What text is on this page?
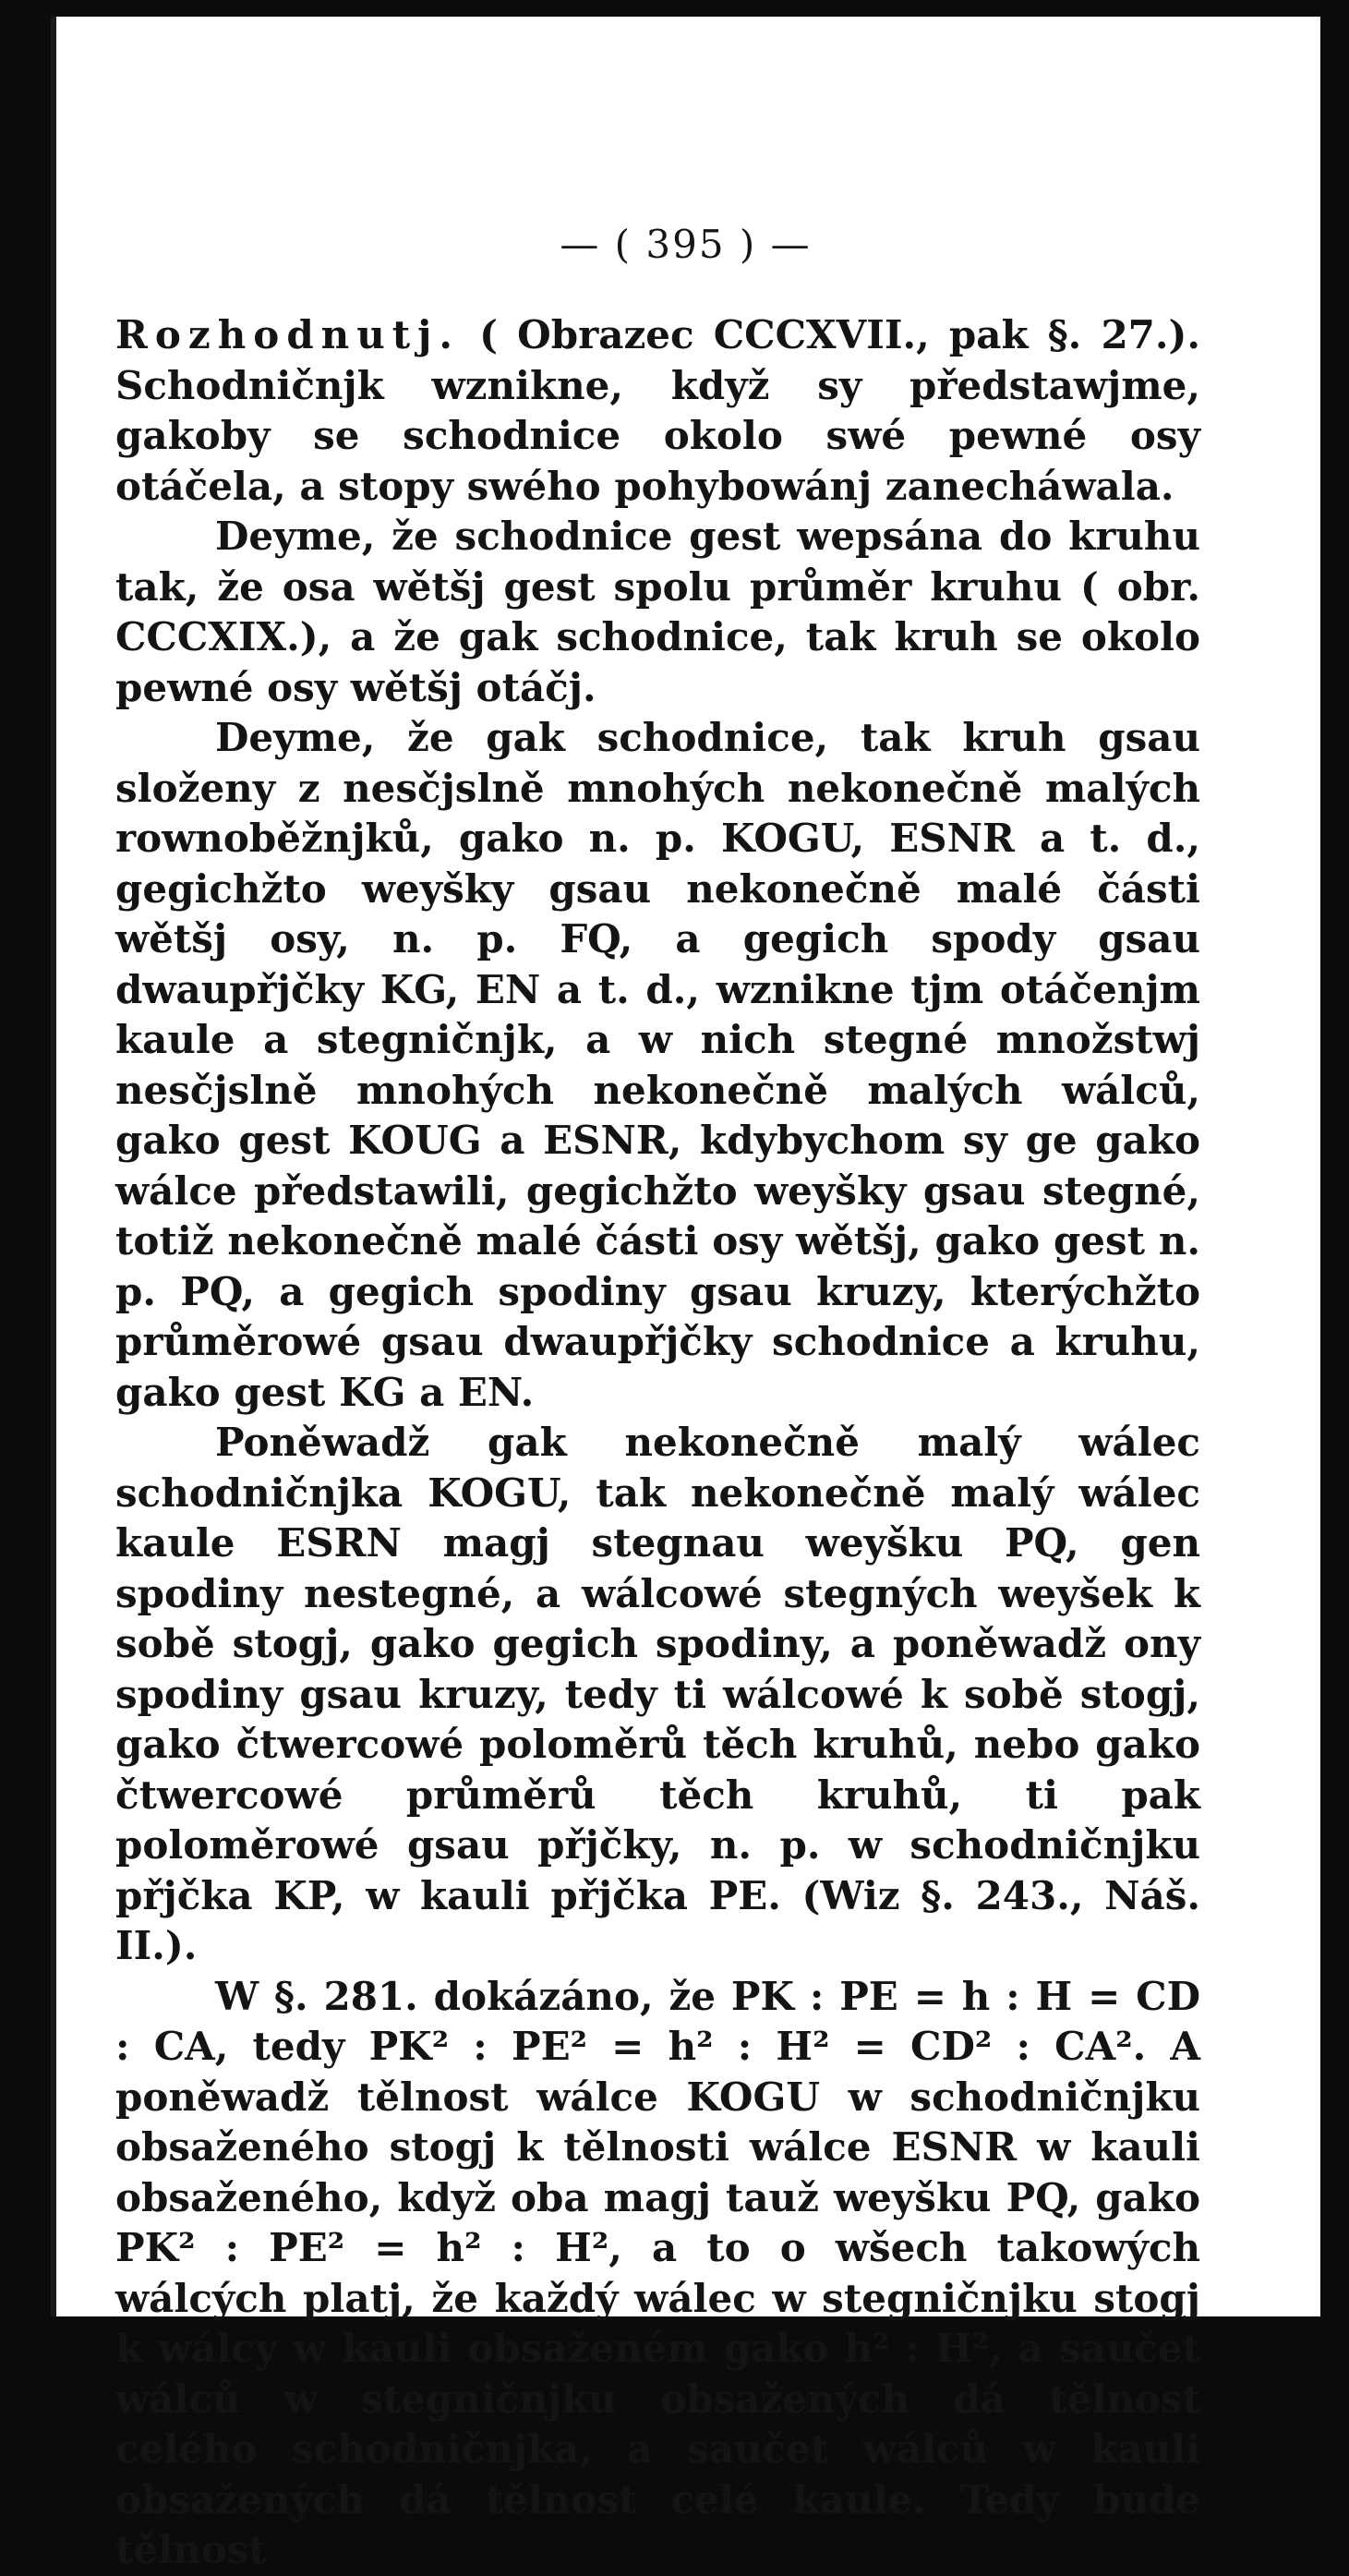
— ( 395 ) —

Rozhodnutj. ( Obrazec CCCXVII., pak §. 27.). Schodničnjk wznikne, když sy předstawjme, gakoby se schodnice okolo swé pewné osy otáčela, a stopy swého pohybowánj zanecháwala.

Deyme, že schodnice gest wepsána do kruhu tak, že osa wětšj gest spolu průměr kruhu ( obr. CCCXIX.), a že gak schodnice, tak kruh se okolo pewné osy wětšj otáčj.

Deyme, že gak schodnice, tak kruh gsau složeny z nesčjslně mnohých nekonečně malých rownoběžnjků, gako n. p. KOGU, ESNR a t. d., gegichžto weyšky gsau nekonečně malé části wětšj osy, n. p. FQ, a gegich spody gsau dwaupřjčky KG, EN a t. d., wznikne tjm otáčenjm kaule a stegničnjk, a w nich stegné množstwj nesčjslně mnohých nekonečně malých wálců, gako gest KOUG a ESNR, kdybychom sy ge gako wálce předstawili, gegichžto weyšky gsau stegné, totiž nekonečně malé části osy wětšj, gako gest n. p. PQ, a gegich spodiny gsau kruzy, kterýchžto průměrowé gsau dwaupřjčky schodnice a kruhu, gako gest KG a EN.

Poněwadž gak nekonečně malý wálec schodničnjka KOGU, tak nekonečně malý wálec kaule ESRN magj stegnau weyšku PQ, gen spodiny nestegné, a wálcowé stegných weyšek k sobě stogj, gako gegich spodiny, a poněwadž ony spodiny gsau kruzy, tedy ti wálcowé k sobě stogj, gako čtwercowé poloměrů těch kruhů, nebo gako čtwercowé průměrů těch kruhů, ti pak poloměrowé gsau přjčky, n. p. w schodničnjku přjčka KP, w kauli přjčka PE. (Wiz §. 243., Náš. II.).

W §. 281. dokázáno, že PK : PE = h : H = CD : CA, tedy PK² : PE² = h² : H² = CD² : CA². A poněwadž tělnost wálce KOGU w schodničnjku obsaženého stogj k tělnosti wálce ESNR w kauli obsaženého, když oba magj tauž weyšku PQ, gako PK² : PE² = h² : H², a to o wšech takowých wálcých platj, že každý wálec w stegničnjku stogj k wálcy w kauli obsaženém gako h² : H², a saučet wálců w stegničnjku obsažených dá tělnost celého schodničnjka, a saučet wálců w kauli obsažených dá tělnost celé kaule. Tedy bude tělnost
